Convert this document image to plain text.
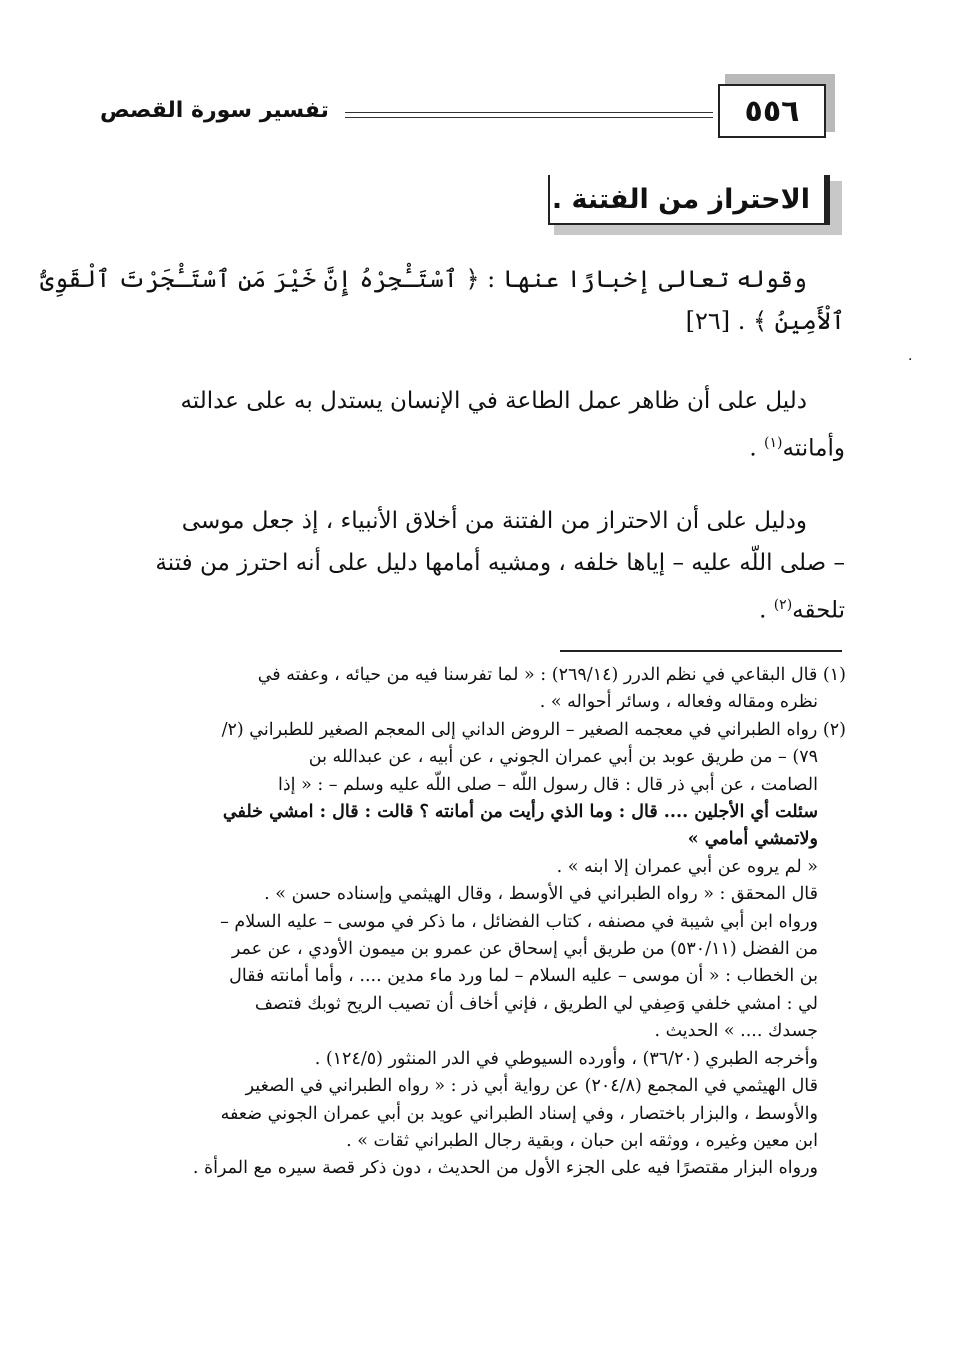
٥٥٦
تفسير سورة القصص
الاحتراز من الفتنة .
وقوله تعالى إخبارًا عنها : ﴿ ٱسْتَـْٔجِرْهُ إِنَّ خَيْرَ مَنِ ٱسْتَـْٔجَرْتَ ٱلْقَوِىُّ
ٱلْأَمِينُ ﴾ . [٢٦]
·
دليل على أن ظاهر عمل الطاعة في الإنسان يستدل به على عدالته
وأمانته$^{(١)}$ .
ودليل على أن الاحتراز من الفتنة من أخلاق الأنبياء ، إذ جعل موسى
– صلى اللّه عليه – إياها خلفه ، ومشيه أمامها دليل على أنه احترز من فتنة
تلحقه$^{(٢)}$ .
(١) قال البقاعي في نظم الدرر (٢٦٩/١٤) : « لما تفرسنا فيه من حيائه ، وعفته في
نظره ومقاله وفعاله ، وسائر أحواله » .
(٢) رواه الطبراني في معجمه الصغير – الروض الداني إلى المعجم الصغير للطبراني (٢/
٧٩) – من طريق عوبد بن أبي عمران الجوني ، عن أبيه ، عن عبدالله بن
الصامت ، عن أبي ذر قال : قال رسول اللّه – صلى اللّه عليه وسلم – : « إذا
سئلت أي الأجلين .... قال : وما الذي رأيت من أمانته ؟ قالت : قال : امشي خلفي
ولاتمشي أمامي »
« لم يروه عن أبي عمران إلا ابنه » .
قال المحقق : « رواه الطبراني في الأوسط ، وقال الهيثمي وإسناده حسن » .
ورواه ابن أبي شيبة في مصنفه ، كتاب الفضائل ، ما ذكر في موسى – عليه السلام –
من الفضل (٥٣٠/١١) من طريق أبي إسحاق عن عمرو بن ميمون الأودي ، عن عمر
بن الخطاب : « أن موسى – عليه السلام – لما ورد ماء مدين .... ، وأما أمانته فقال
لي : امشي خلفي وَصِفي لي الطريق ، فإني أخاف أن تصيب الريح ثوبك فتصف
جسدك .... » الحديث .
وأخرجه الطبري (٣٦/٢٠) ، وأورده السيوطي في الدر المنثور (١٢٤/٥) .
قال الهيثمي في المجمع (٢٠٤/٨) عن رواية أبي ذر : « رواه الطبراني في الصغير
والأوسط ، والبزار باختصار ، وفي إسناد الطبراني عويد بن أبي عمران الجوني ضعفه
ابن معين وغيره ، ووثقه ابن حبان ، وبقية رجال الطبراني ثقات » .
ورواه البزار مقتصرًا فيه على الجزء الأول من الحديث ، دون ذكر قصة سيره مع المرأة .
